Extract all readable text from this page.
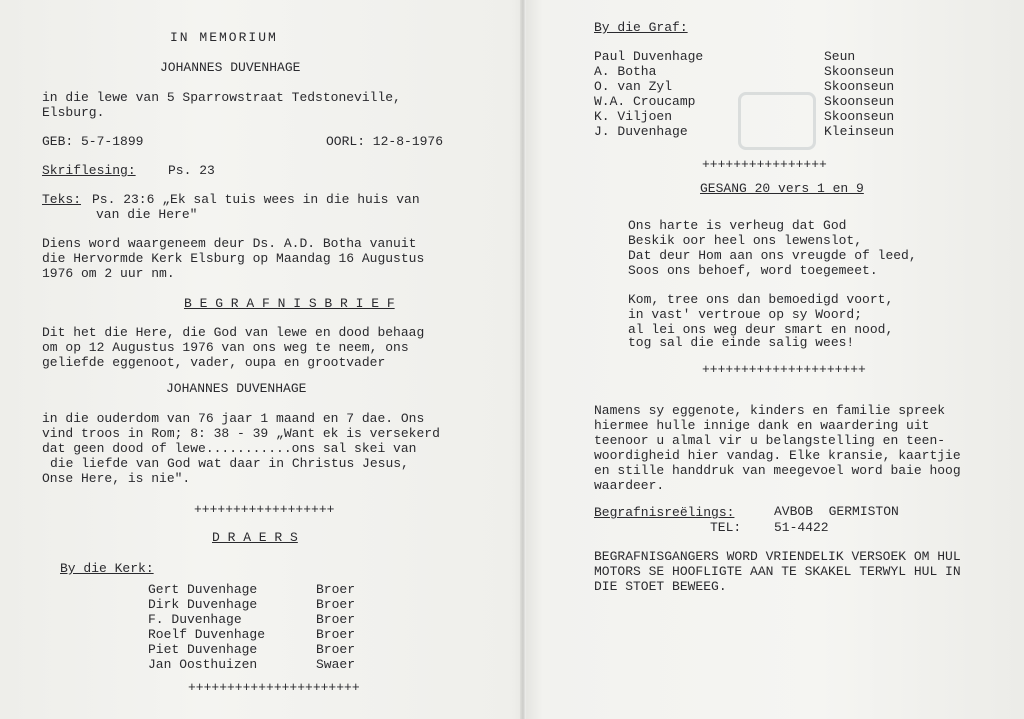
IN MEMORIUM
JOHANNES DUVENHAGE
in die lewe van 5 Sparrowstraat Tedstoneville,
Elsburg.
GEB: 5-7-1899	OORL: 12-8-1976
Skriflesing: Ps. 23
Teks: Ps. 23:6 „Ek sal tuis wees in die huis van
van die Here"
Diens word waargeneem deur Ds. A.D. Botha vanuit
die Hervormde Kerk Elsburg op Maandag 16 Augustus
1976 om 2 uur nm.
B E G R A F N I S B R I E F
Dit het die Here, die God van lewe en dood behaag
om op 12 Augustus 1976 van ons weg te neem, ons
geliefde eggenoot, vader, oupa en grootvader
JOHANNES DUVENHAGE
in die ouderdom van 76 jaar 1 maand en 7 dae. Ons
vind troos in Rom; 8: 38 - 39 „Want ek is versekerd
dat geen dood of lewe...........ons sal skei van
die liefde van God wat daar in Christus Jesus,
Onse Here, is nie".
++++++++++++++++++
D R A E R S
By die Kerk:
Gert Duvenhage	Broer
Dirk Duvenhage	Broer
F. Duvenhage	Broer
Roelf Duvenhage	Broer
Piet Duvenhage	Broer
Jan Oosthuizen	Swaer
++++++++++++++++++++++
By die Graf:
Paul Duvenhage	Seun
A. Botha	Skoonseun
O. van Zyl	Skoonseun
W.A. Croucamp	Skoonseun
K. Viljoen	Skoonseun
J. Duvenhage	Kleinseun
++++++++++++++++
GESANG 20 vers 1 en 9
Ons harte is verheug dat God
Beskik oor heel ons lewenslot,
Dat deur Hom aan ons vreugde of leed,
Soos ons behoef, word toegemeet.
Kom, tree ons dan bemoedigd voort,
in vast' vertroue op sy Woord;
al lei ons weg deur smart en nood,
tog sal die einde salig wees!
+++++++++++++++++++++
Namens sy eggenote, kinders en familie spreek
hiermee hulle innige dank en waardering uit
teenoor u almal vir u belangstelling en teen-
woordigheid hier vandag. Elke kransie, kaartjie
en stille handdruk van meegevoel word baie hoog
waardeer.
Begrafnisreëlings:	AVBOB  GERMISTON
TEL:	51-4422
BEGRAFNISGANGERS WORD VRIENDELIK VERSOEK OM HUL
MOTORS SE HOOFLIGTE AAN TE SKAKEL TERWYL HUL IN
DIE STOET BEWEEG.
